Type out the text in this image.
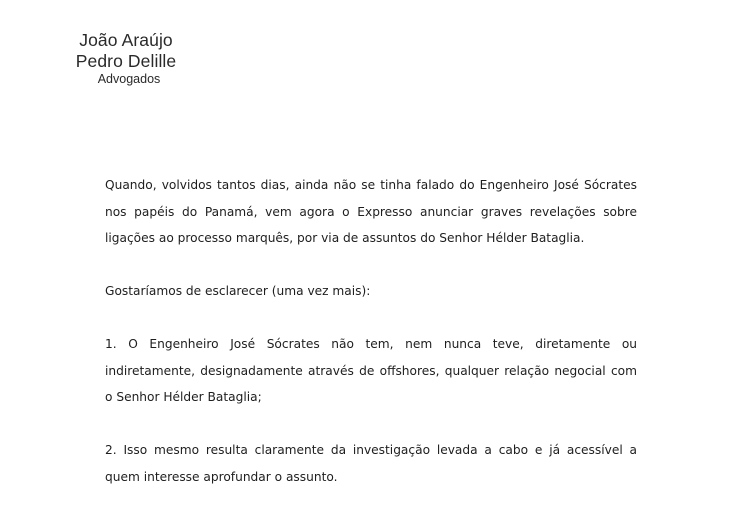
João Araújo
Pedro Delille
Advogados

Quando, volvidos tantos dias, ainda não se tinha falado do Engenheiro José Sócrates nos papéis do Panamá, vem agora o Expresso anunciar graves revelações sobre ligações ao processo marquês, por via de assuntos do Senhor Hélder Bataglia.

Gostaríamos de esclarecer (uma vez mais):

1. O Engenheiro José Sócrates não tem, nem nunca teve, diretamente ou indiretamente, designadamente através de offshores, qualquer relação negocial com o Senhor Hélder Bataglia;

2. Isso mesmo resulta claramente da investigação levada a cabo e já acessível a quem interesse aprofundar o assunto.
